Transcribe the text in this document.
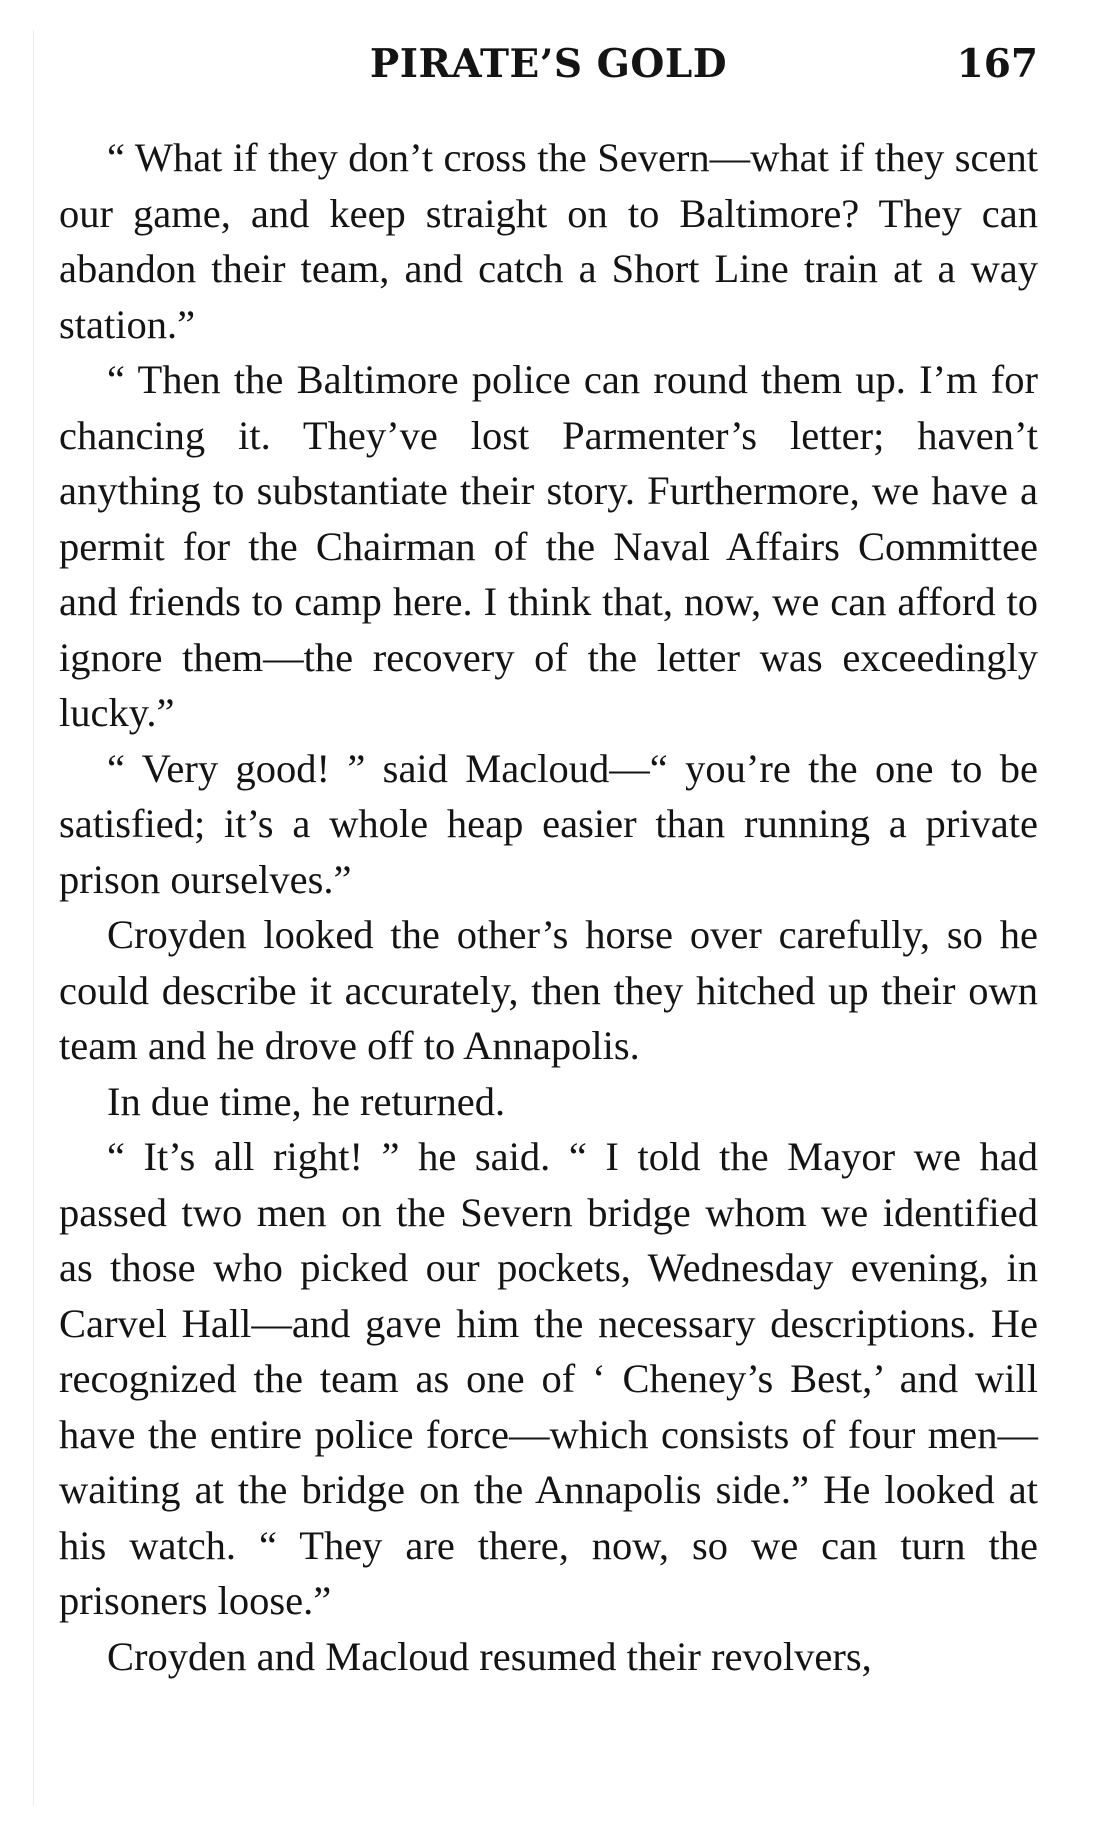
PIRATE’S GOLD	167

“ What if they don’t cross the Severn—what if they scent our game, and keep straight on to Baltimore? They can abandon their team, and catch a Short Line train at a way station.”

“ Then the Baltimore police can round them up. I’m for chancing it. They’ve lost Parmenter’s letter; haven’t anything to substantiate their story. Furthermore, we have a permit for the Chairman of the Naval Affairs Committee and friends to camp here. I think that, now, we can afford to ignore them—the recovery of the letter was exceedingly lucky.”

“ Very good! ” said Macloud—“ you’re the one to be satisfied; it’s a whole heap easier than running a private prison ourselves.”

Croyden looked the other’s horse over carefully, so he could describe it accurately, then they hitched up their own team and he drove off to Annapolis.

In due time, he returned.

“ It’s all right! ” he said. “ I told the Mayor we had passed two men on the Severn bridge whom we identified as those who picked our pockets, Wednesday evening, in Carvel Hall—and gave him the necessary descriptions. He recognized the team as one of ‘ Cheney’s Best,’ and will have the entire police force—which consists of four men—waiting at the bridge on the Annapolis side.” He looked at his watch. “ They are there, now, so we can turn the prisoners loose.”

Croyden and Macloud resumed their revolvers,
